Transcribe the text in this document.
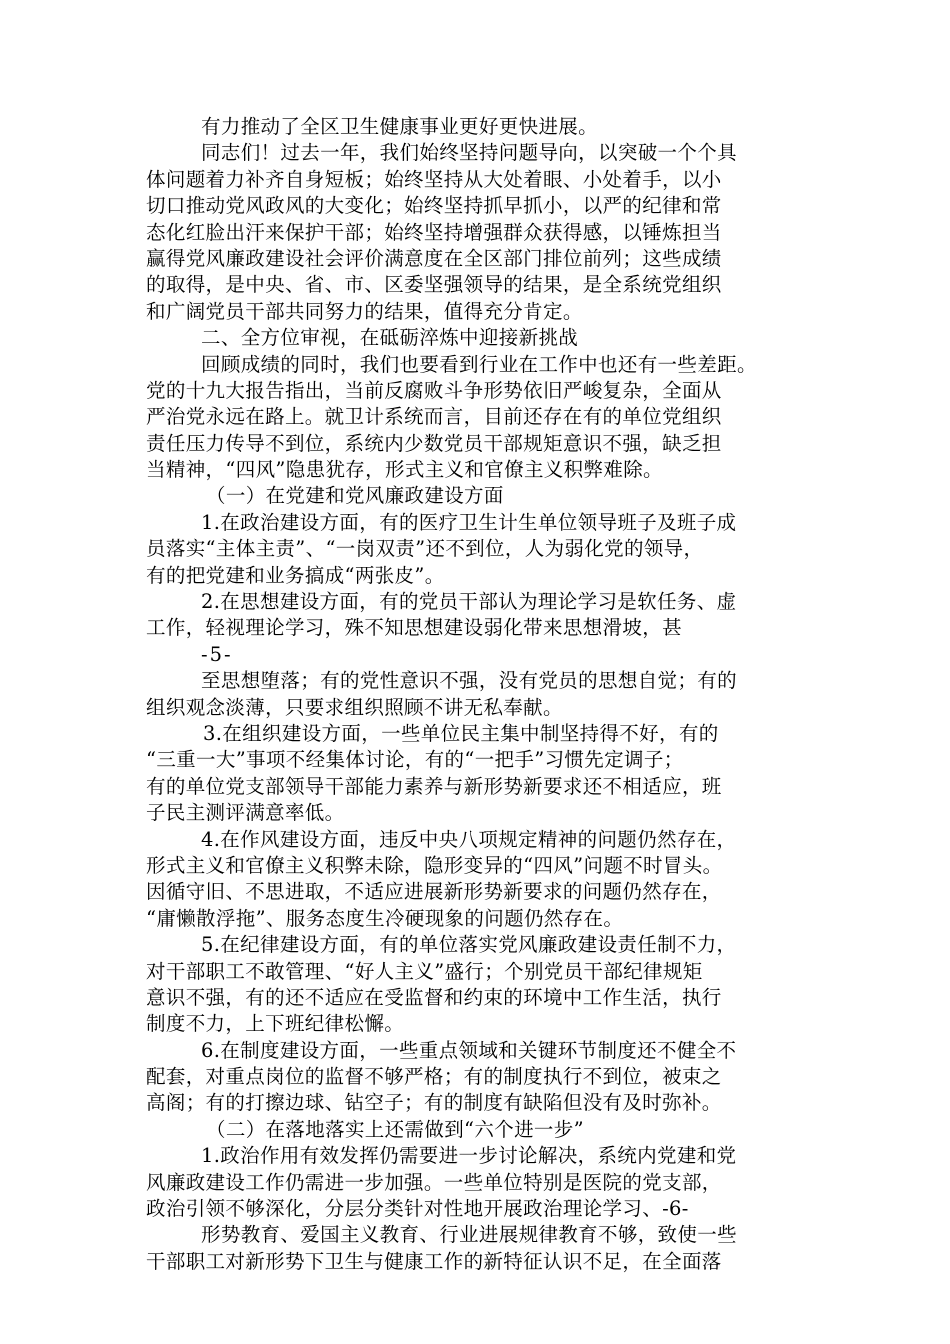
有力推动了全区卫生健康事业更好更快进展。
同志们！过去一年，我们始终坚持问题导向，以突破一个个具
体问题着力补齐自身短板；始终坚持从大处着眼、小处着手，以小
切口推动党风政风的大变化；始终坚持抓早抓小，以严的纪律和常
态化红脸出汗来保护干部；始终坚持增强群众获得感，以锤炼担当
赢得党风廉政建设社会评价满意度在全区部门排位前列；这些成绩
的取得，是中央、省、市、区委坚强领导的结果，是全系统党组织
和广阔党员干部共同努力的结果，值得充分肯定。
二、全方位审视，在砥砺淬炼中迎接新挑战
回顾成绩的同时，我们也要看到行业在工作中也还有一些差距。
党的十九大报告指出，当前反腐败斗争形势依旧严峻复杂，全面从
严治党永远在路上。就卫计系统而言，目前还存在有的单位党组织
责任压力传导不到位，系统内少数党员干部规矩意识不强，缺乏担
当精神，“四风”隐患犹存，形式主义和官僚主义积弊难除。
（一）在党建和党风廉政建设方面
1.在政治建设方面，有的医疗卫生计生单位领导班子及班子成
员落实“主体主责”、“一岗双责”还不到位，人为弱化党的领导，
有的把党建和业务搞成“两张皮”。
2.在思想建设方面，有的党员干部认为理论学习是软任务、虚
工作，轻视理论学习，殊不知思想建设弱化带来思想滑坡，甚
-5-
至思想堕落；有的党性意识不强，没有党员的思想自觉；有的
组织观念淡薄，只要求组织照顾不讲无私奉献。
3.在组织建设方面，一些单位民主集中制坚持得不好，有的
“三重一大”事项不经集体讨论，有的“一把手”习惯先定调子；
有的单位党支部领导干部能力素养与新形势新要求还不相适应，班
子民主测评满意率低。
4.在作风建设方面，违反中央八项规定精神的问题仍然存在，
形式主义和官僚主义积弊未除，隐形变异的“四风”问题不时冒头。
因循守旧、不思进取，不适应进展新形势新要求的问题仍然存在，
“庸懒散浮拖”、服务态度生冷硬现象的问题仍然存在。
5.在纪律建设方面，有的单位落实党风廉政建设责任制不力，
对干部职工不敢管理、“好人主义”盛行；个别党员干部纪律规矩
意识不强，有的还不适应在受监督和约束的环境中工作生活，执行
制度不力，上下班纪律松懈。
6.在制度建设方面，一些重点领域和关键环节制度还不健全不
配套，对重点岗位的监督不够严格；有的制度执行不到位，被束之
高阁；有的打擦边球、钻空子；有的制度有缺陷但没有及时弥补。
（二）在落地落实上还需做到“六个进一步”
1.政治作用有效发挥仍需要进一步讨论解决，系统内党建和党
风廉政建设工作仍需进一步加强。一些单位特别是医院的党支部，
政治引领不够深化，分层分类针对性地开展政治理论学习、-6-
形势教育、爱国主义教育、行业进展规律教育不够，致使一些
干部职工对新形势下卫生与健康工作的新特征认识不足，在全面落
